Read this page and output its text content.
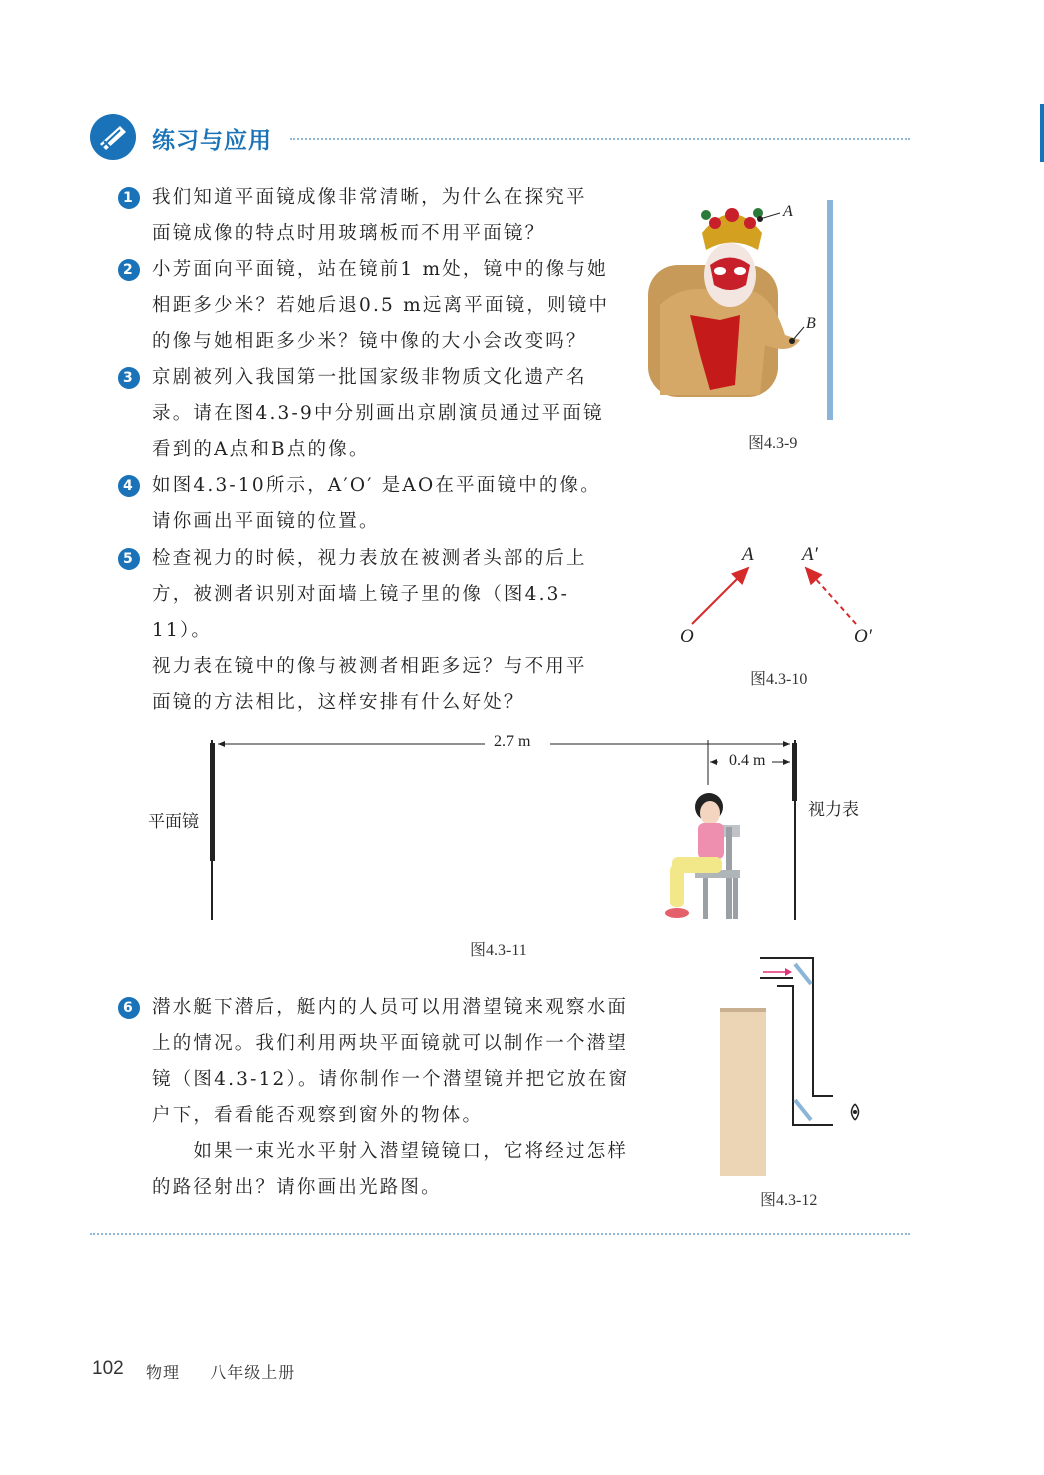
练习与应用
1 我们知道平面镜成像非常清晰，为什么在探究平
面镜成像的特点时用玻璃板而不用平面镜？
2 小芳面向平面镜，站在镜前1 m处，镜中的像与她
相距多少米？若她后退0.5 m远离平面镜，则镜中
的像与她相距多少米？镜中像的大小会改变吗？
3 京剧被列入我国第一批国家级非物质文化遗产名
录。请在图4.3-9中分别画出京剧演员通过平面镜
看到的A点和B点的像。
4 如图4.3-10所示，A′O′ 是AO在平面镜中的像。
请你画出平面镜的位置。
5 检查视力的时候，视力表放在被测者头部的后上
方，被测者识别对面墙上镜子里的像（图4.3-11）。
视力表在镜中的像与被测者相距多远？与不用平
面镜的方法相比，这样安排有什么好处？
6 潜水艇下潜后，艇内的人员可以用潜望镜来观察水面
上的情况。我们利用两块平面镜就可以制作一个潜望
镜（图4.3-12）。请你制作一个潜望镜并把它放在窗
户下，看看能否观察到窗外的物体。
　　如果一束光水平射入潜望镜镜口，它将经过怎样
的路径射出？请你画出光路图。
A
B
图4.3-9
A	A′
O	O′
图4.3-10
2.7 m
0.4 m
平面镜
视力表
图4.3-11
图4.3-12
102 物理 八年级上册
